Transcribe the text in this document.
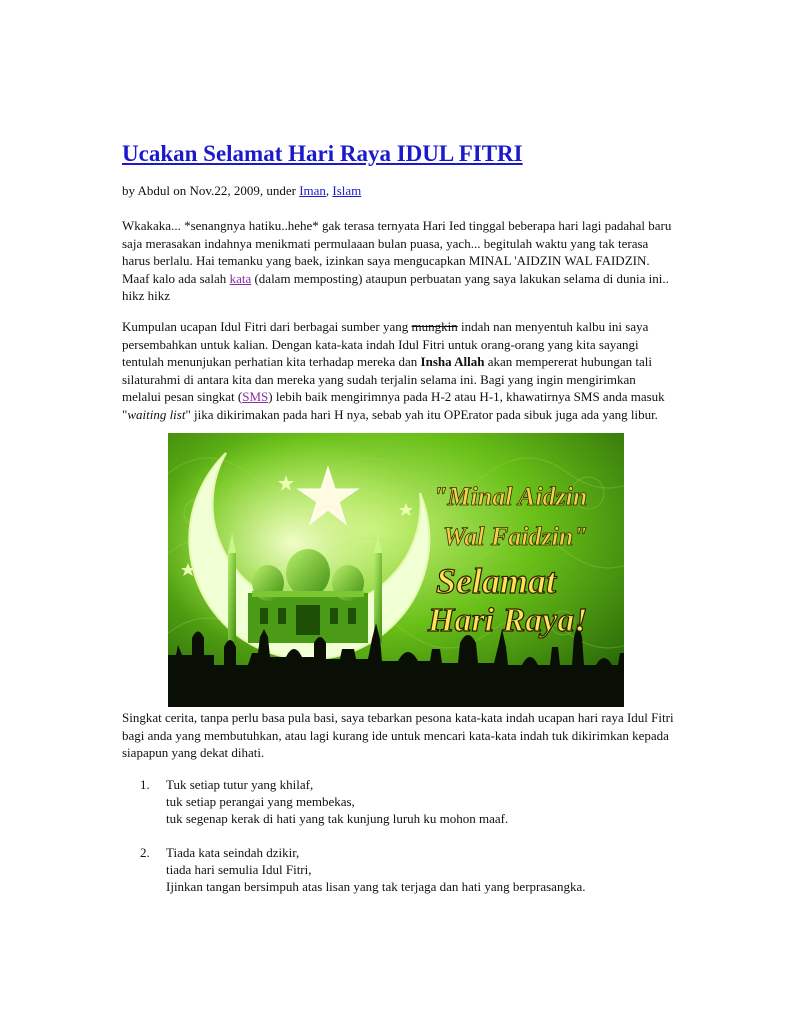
Ucakan Selamat Hari Raya IDUL FITRI
by Abdul on Nov.22, 2009, under Iman, Islam

Wkakaka... *senangnya hatiku..hehe* gak terasa ternyata Hari Ied tinggal beberapa hari lagi padahal baru saja merasakan indahnya menikmati permulaaan bulan puasa, yach... begitulah waktu yang tak terasa harus berlalu. Hai temanku yang baek, izinkan saya mengucapkan MINAL 'AIDZIN WAL FAIDZIN. Maaf kalo ada salah kata (dalam memposting) ataupun perbuatan yang saya lakukan selama di dunia ini.. hikz hikz

Kumpulan ucapan Idul Fitri dari berbagai sumber yang mungkin indah nan menyentuh kalbu ini saya persembahkan untuk kalian. Dengan kata-kata indah Idul Fitri untuk orang-orang yang kita sayangi tentulah menunjukan perhatian kita terhadap mereka dan Insha Allah akan mempererat hubungan tali silaturahmi di antara kita dan mereka yang sudah terjalin selama ini. Bagi yang ingin mengirimkan melalui pesan singkat (SMS) lebih baik mengirimnya pada H-2 atau H-1, khawatirnya SMS anda masuk "waiting list" jika dikirimakan pada hari H nya, sebab yah itu OPErator pada sibuk juga ada yang libur.

"Minal Aidzin
Wal Faidzin"
Selamat
Hari Raya!

Singkat cerita, tanpa perlu basa pula basi, saya tebarkan pesona kata-kata indah ucapan hari raya Idul Fitri bagi anda yang membutuhkan, atau lagi kurang ide untuk mencari kata-kata indah tuk dikirimkan kepada siapapun yang dekat dihati.

1. Tuk setiap tutur yang khilaf,
tuk setiap perangai yang membekas,
tuk segenap kerak di hati yang tak kunjung luruh ku mohon maaf.
2. Tiada kata seindah dzikir,
tiada hari semulia Idul Fitri,
Ijinkan tangan bersimpuh atas lisan yang tak terjaga dan hati yang berprasangka.
